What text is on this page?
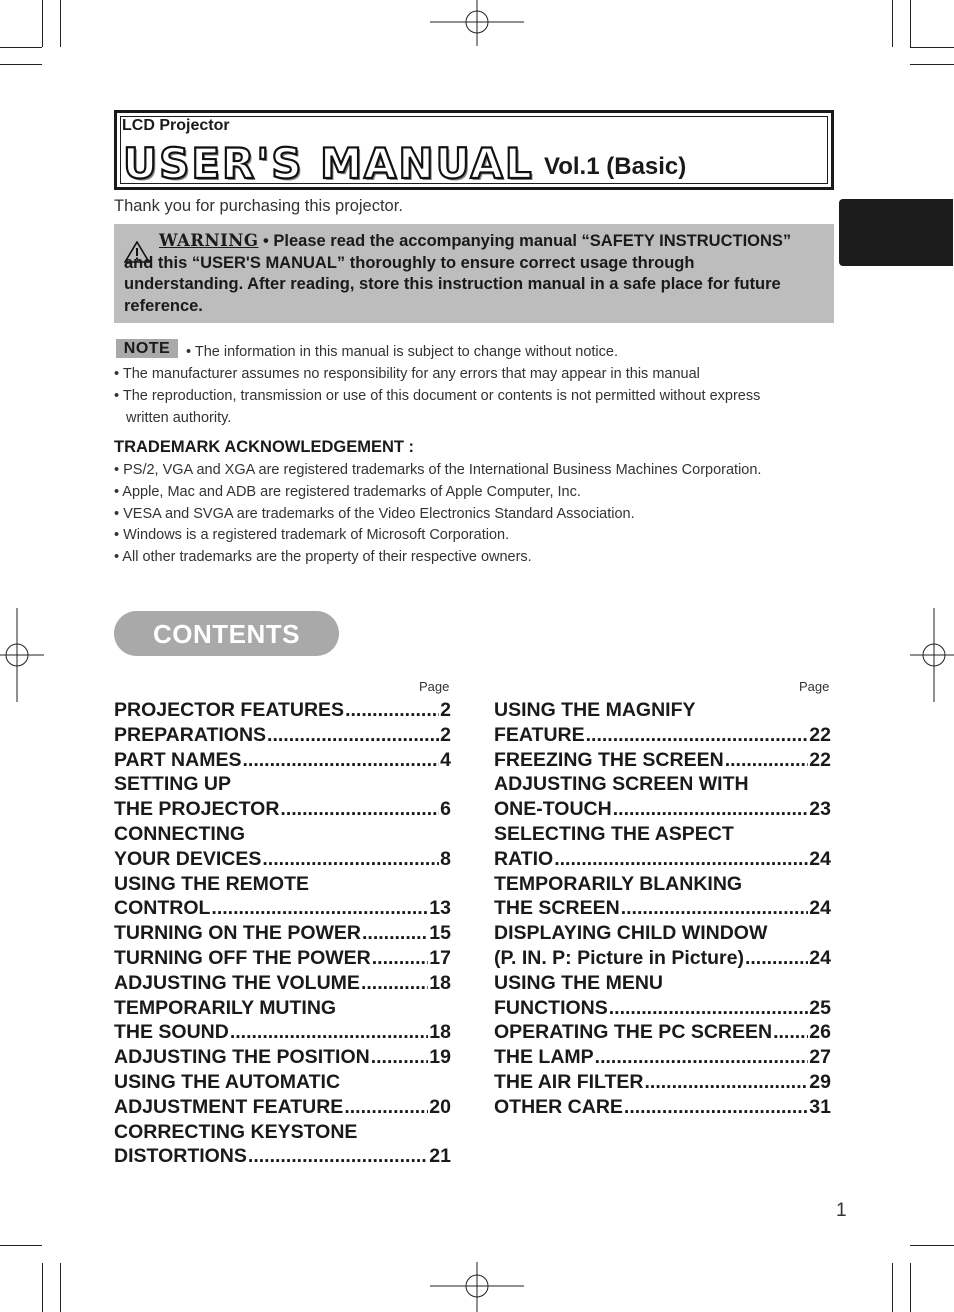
LCD Projector
USER'S MANUAL Vol.1 (Basic)
Thank you for purchasing this projector.
WARNING • Please read the accompanying manual “SAFETY INSTRUCTIONS” and this “USER'S MANUAL” thoroughly to ensure correct usage through understanding. After reading, store this instruction manual in a safe place for future reference.
NOTE	• The information in this manual is subject to change without notice.
• The manufacturer assumes no responsibility for any errors that may appear in this manual
• The reproduction, transmission or use of this document or contents is not permitted without express
written authority.
TRADEMARK ACKNOWLEDGEMENT :
• PS/2, VGA and XGA are registered trademarks of the International Business Machines Corporation.
• Apple, Mac and ADB are registered trademarks of Apple Computer, Inc.
• VESA and SVGA are trademarks of the Video Electronics Standard Association.
• Windows is a registered trademark of Microsoft Corporation.
• All other trademarks are the property of their respective owners.
CONTENTS
Page	Page
PROJECTOR FEATURES .....	2
PREPARATIONS .....	2
PART NAMES .....	4
SETTING UP
THE PROJECTOR .....	6
CONNECTING
YOUR DEVICES .....	8
USING THE REMOTE
CONTROL .....	13
TURNING ON THE POWER .....	15
TURNING OFF THE POWER .....	17
ADJUSTING THE VOLUME .....	18
TEMPORARILY MUTING
THE SOUND .....	18
ADJUSTING THE POSITION .....	19
USING THE AUTOMATIC
ADJUSTMENT FEATURE .....	20
CORRECTING KEYSTONE
DISTORTIONS .....	21
USING THE MAGNIFY
FEATURE .....	22
FREEZING THE SCREEN .....	22
ADJUSTING SCREEN WITH
ONE-TOUCH .....	23
SELECTING THE ASPECT
RATIO .....	24
TEMPORARILY BLANKING
THE SCREEN .....	24
DISPLAYING CHILD WINDOW
(P. IN. P: Picture in Picture) .....	24
USING THE MENU
FUNCTIONS .....	25
OPERATING THE PC SCREEN ..... 26
THE LAMP .....	27
THE AIR FILTER .....	29
OTHER CARE .....	31
1
